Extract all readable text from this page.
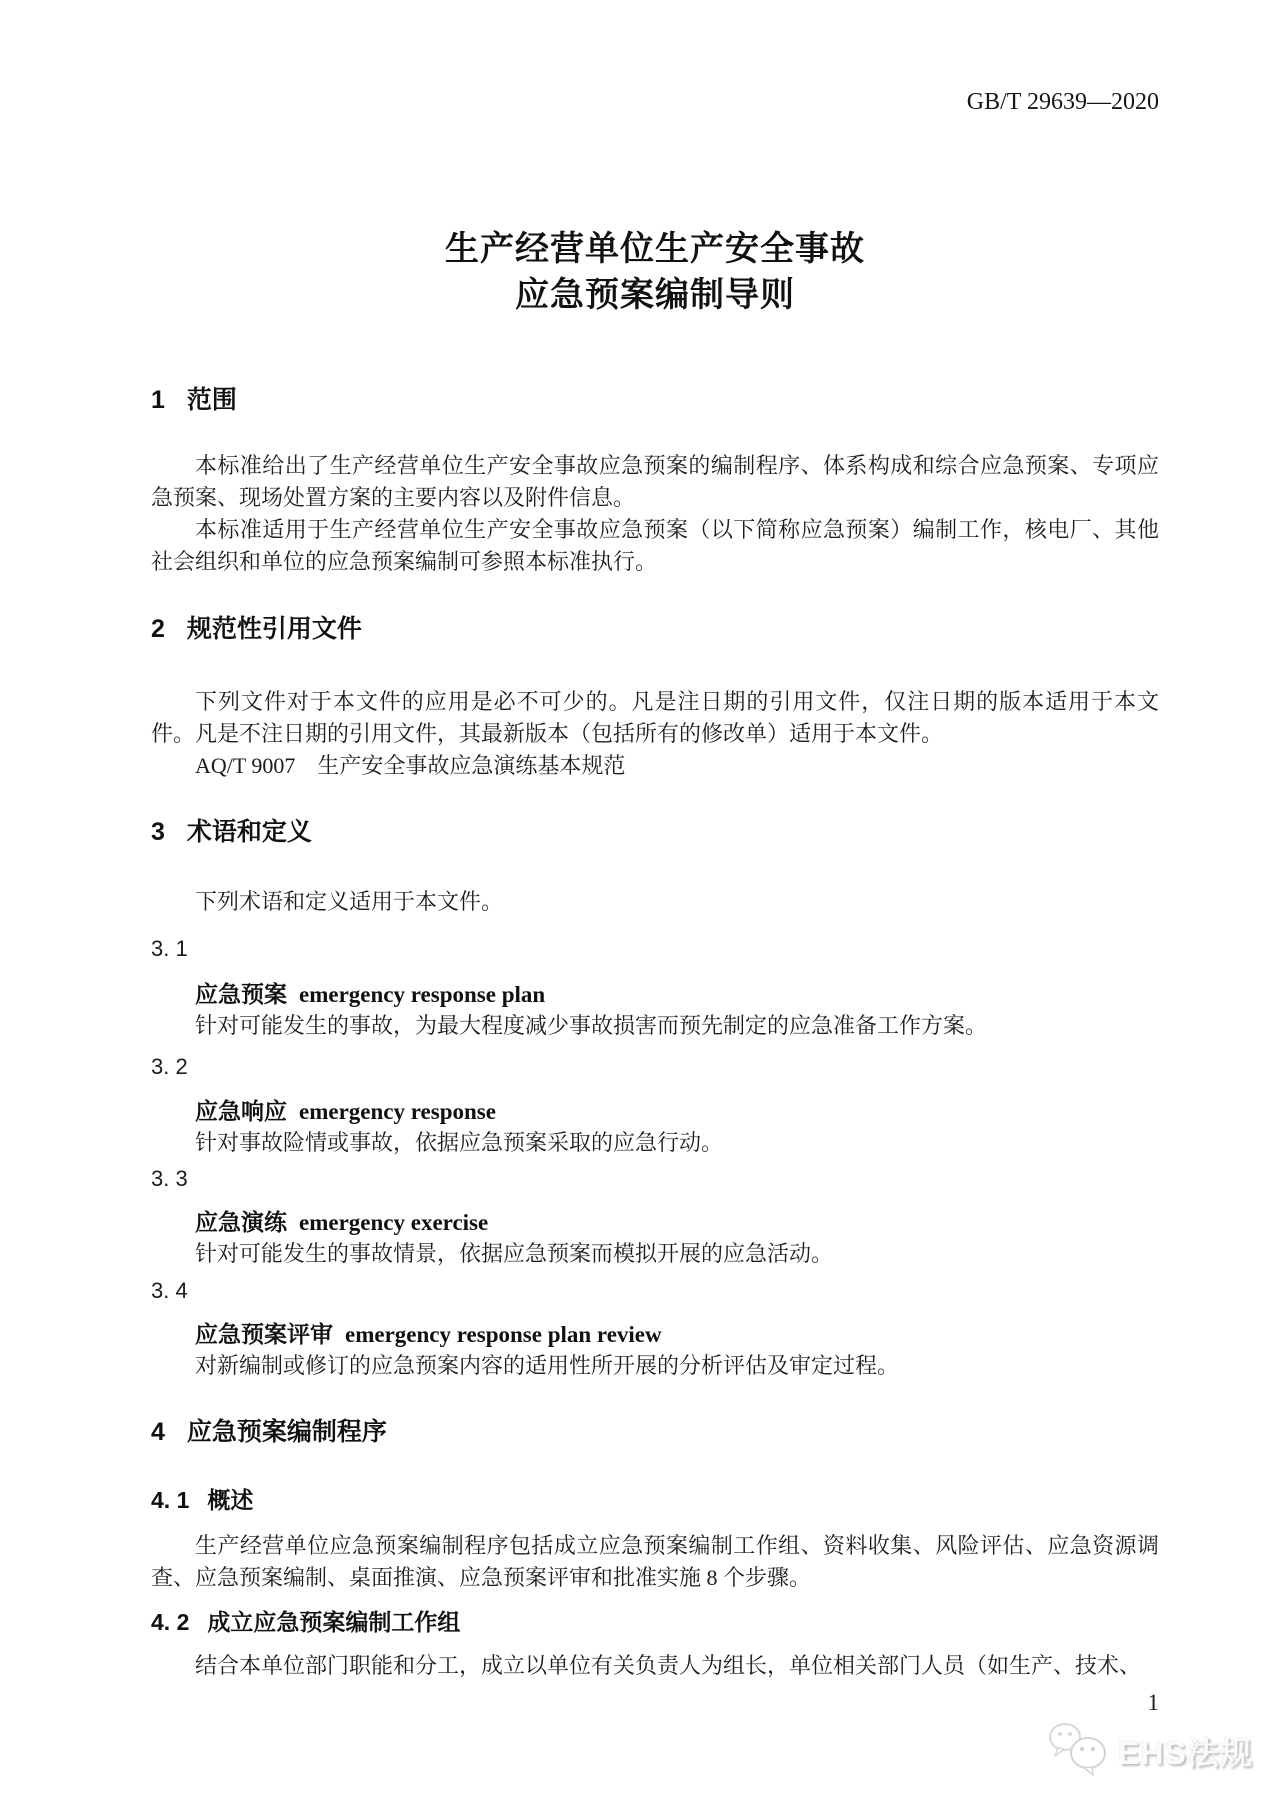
GB/T 29639—2020
生产经营单位生产安全事故
应急预案编制导则
1 范围

本标准给出了生产经营单位生产安全事故应急预案的编制程序、体系构成和综合应急预案、专项应急预案、现场处置方案的主要内容以及附件信息。

本标准适用于生产经营单位生产安全事故应急预案（以下简称应急预案）编制工作，核电厂、其他社会组织和单位的应急预案编制可参照本标准执行。

2 规范性引用文件

下列文件对于本文件的应用是必不可少的。凡是注日期的引用文件，仅注日期的版本适用于本文件。凡是不注日期的引用文件，其最新版本（包括所有的修改单）适用于本文件。

AQ/T 9007　生产安全事故应急演练基本规范
3 术语和定义
下列术语和定义适用于本文件。
3. 1
应急预案 emergency response plan
针对可能发生的事故，为最大程度减少事故损害而预先制定的应急准备工作方案。
3. 2
应急响应 emergency response
针对事故险情或事故，依据应急预案采取的应急行动。
3. 3
应急演练 emergency exercise
针对可能发生的事故情景，依据应急预案而模拟开展的应急活动。
3. 4
应急预案评审 emergency response plan review
对新编制或修订的应急预案内容的适用性所开展的分析评估及审定过程。
4 应急预案编制程序
4. 1 概述

生产经营单位应急预案编制程序包括成立应急预案编制工作组、资料收集、风险评估、应急资源调查、应急预案编制、桌面推演、应急预案评审和批准实施 8 个步骤。

4. 2 成立应急预案编制工作组

结合本单位部门职能和分工，成立以单位有关负责人为组长，单位相关部门人员（如生产、技术、

1
EHS法规
